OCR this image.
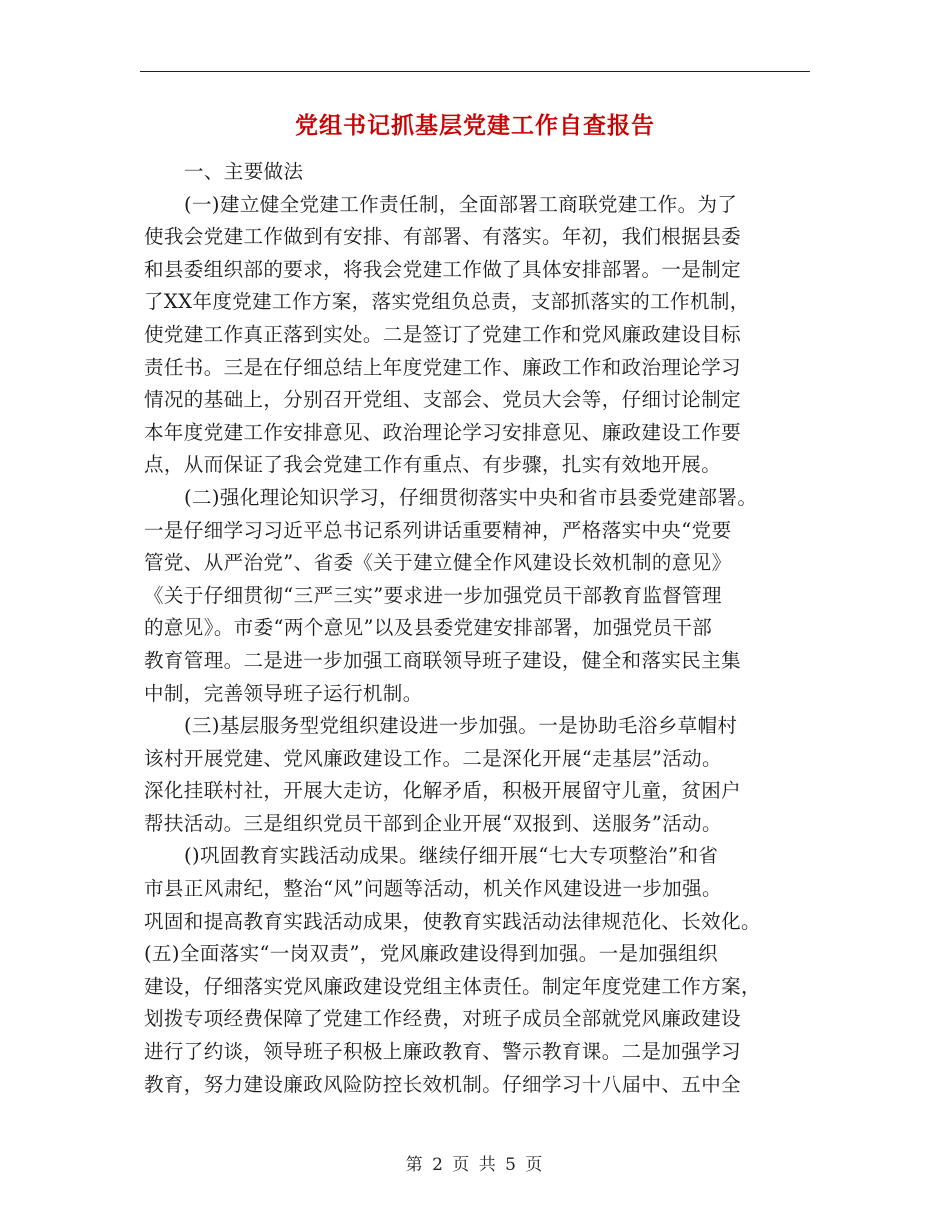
党组书记抓基层党建工作自查报告
一、主要做法
(一)建立健全党建工作责任制，全面部署工商联党建工作。为了
使我会党建工作做到有安排、有部署、有落实。年初，我们根据县委
和县委组织部的要求，将我会党建工作做了具体安排部署。一是制定
了XX年度党建工作方案，落实党组负总责，支部抓落实的工作机制，
使党建工作真正落到实处。二是签订了党建工作和党风廉政建设目标
责任书。三是在仔细总结上年度党建工作、廉政工作和政治理论学习
情况的基础上，分别召开党组、支部会、党员大会等，仔细讨论制定
本年度党建工作安排意见、政治理论学习安排意见、廉政建设工作要
点，从而保证了我会党建工作有重点、有步骤，扎实有效地开展。
(二)强化理论知识学习，仔细贯彻落实中央和省市县委党建部署。
一是仔细学习习近平总书记系列讲话重要精神，严格落实中央“党要
管党、从严治党”、省委《关于建立健全作风建设长效机制的意见》
《关于仔细贯彻“三严三实”要求进一步加强党员干部教育监督管理
的意见》。市委“两个意见”以及县委党建安排部署，加强党员干部
教育管理。二是进一步加强工商联领导班子建设，健全和落实民主集
中制，完善领导班子运行机制。
(三)基层服务型党组织建设进一步加强。一是协助毛浴乡草帽村
该村开展党建、党风廉政建设工作。二是深化开展“走基层”活动。
深化挂联村社，开展大走访，化解矛盾，积极开展留守儿童，贫困户
帮扶活动。三是组织党员干部到企业开展“双报到、送服务”活动。
()巩固教育实践活动成果。继续仔细开展“七大专项整治”和省
市县正风肃纪，整治“风”问题等活动，机关作风建设进一步加强。
巩固和提高教育实践活动成果，使教育实践活动法律规范化、长效化。
(五)全面落实“一岗双责”，党风廉政建设得到加强。一是加强组织
建设，仔细落实党风廉政建设党组主体责任。制定年度党建工作方案，
划拨专项经费保障了党建工作经费，对班子成员全部就党风廉政建设
进行了约谈，领导班子积极上廉政教育、警示教育课。二是加强学习
教育，努力建设廉政风险防控长效机制。仔细学习十八届中、五中全
第 2 页 共 5 页
